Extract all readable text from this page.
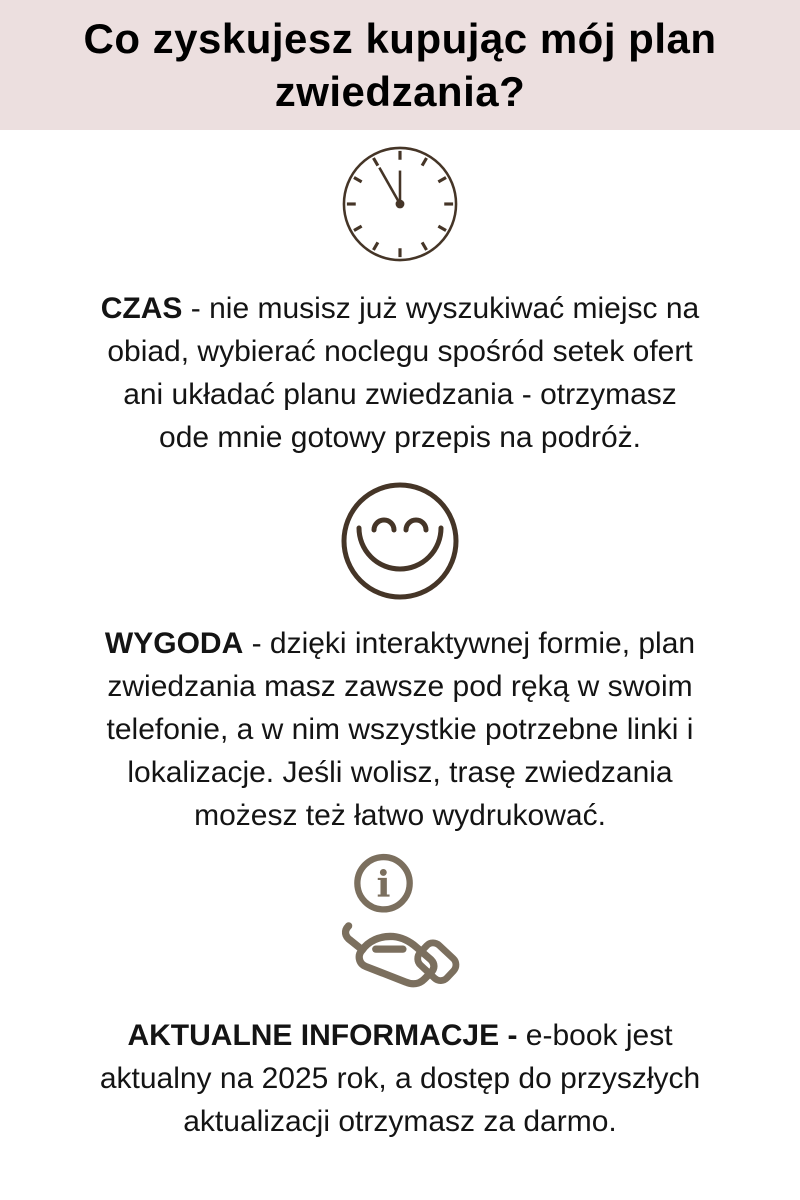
Co zyskujesz kupując mój plan
zwiedzania?

CZAS - nie musisz już wyszukiwać miejsc na
obiad, wybierać noclegu spośród setek ofert
ani układać planu zwiedzania - otrzymasz
ode mnie gotowy przepis na podróż.

WYGODA - dzięki interaktywnej formie, plan
zwiedzania masz zawsze pod ręką w swoim
telefonie, a w nim wszystkie potrzebne linki i
lokalizacje. Jeśli wolisz, trasę zwiedzania
możesz też łatwo wydrukować.

i

AKTUALNE INFORMACJE - e-book jest
aktualny na 2025 rok, a dostęp do przyszłych
aktualizacji otrzymasz za darmo.
